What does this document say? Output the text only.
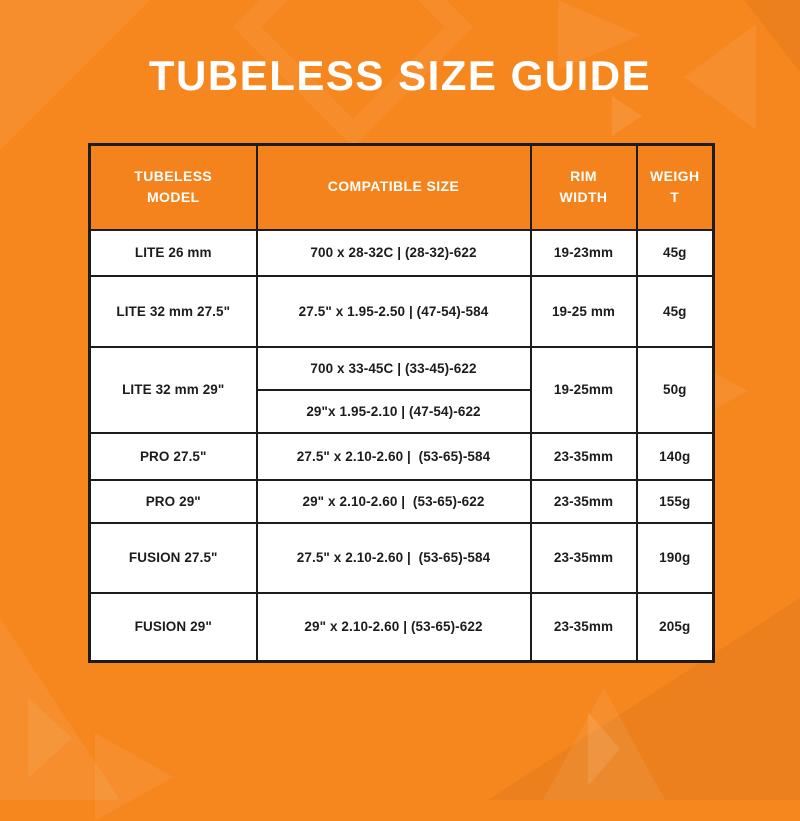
TUBELESS SIZE GUIDE
TUBELESS MODEL	COMPATIBLE SIZE	RIM WIDTH	WEIGHT
LITE 26 mm	700 x 28-32C | (28-32)-622	19-23mm	45g
LITE 32 mm 27.5"	27.5" x 1.95-2.50 | (47-54)-584	19-25 mm	45g
LITE 32 mm 29"	700 x 33-45C | (33-45)-622	19-25mm	50g
	29"x 1.95-2.10 | (47-54)-622		
PRO 27.5"	27.5" x 2.10-2.60 |  (53-65)-584	23-35mm	140g
PRO 29"	29" x 2.10-2.60 |  (53-65)-622	23-35mm	155g
FUSION 27.5"	27.5" x 2.10-2.60 |  (53-65)-584	23-35mm	190g
FUSION 29"	29" x 2.10-2.60 | (53-65)-622	23-35mm	205g
